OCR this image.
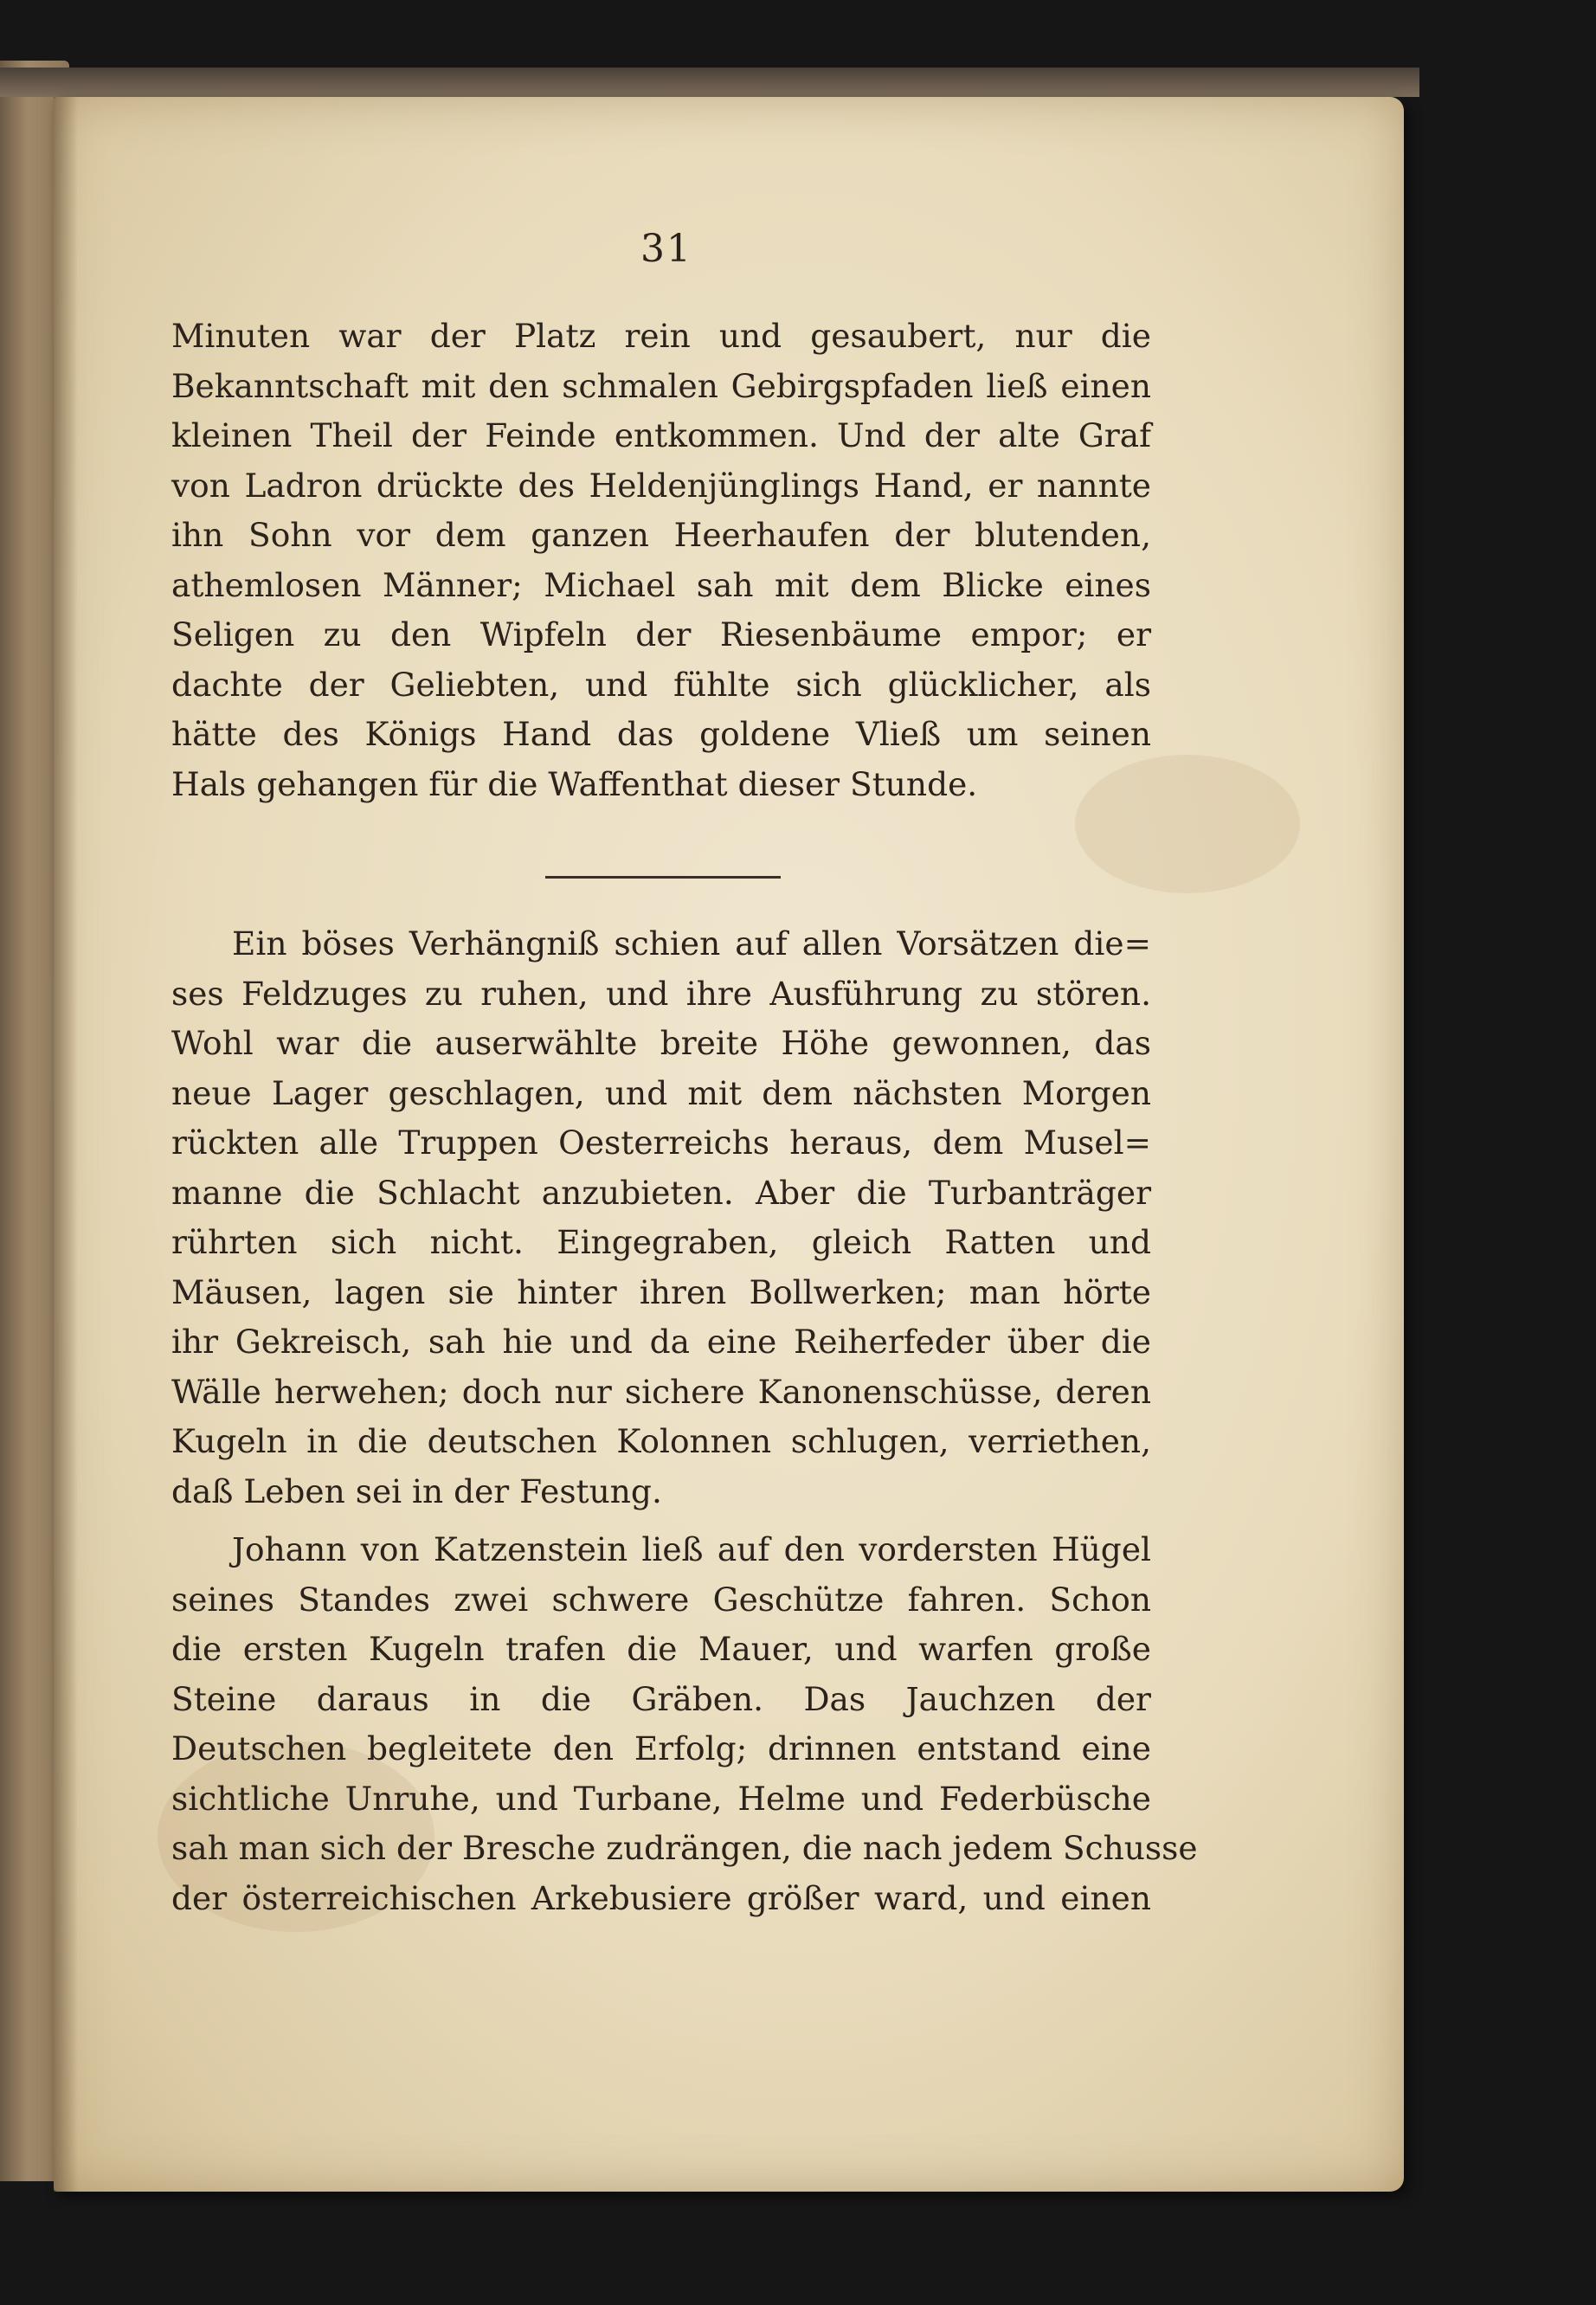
31
Minuten war der Platz rein und gesaubert, nur die
Bekanntschaft mit den schmalen Gebirgspfaden ließ einen
kleinen Theil der Feinde entkommen. Und der alte Graf
von Ladron drückte des Heldenjünglings Hand, er nannte
ihn Sohn vor dem ganzen Heerhaufen der blutenden,
athemlosen Männer; Michael sah mit dem Blicke eines
Seligen zu den Wipfeln der Riesenbäume empor; er
dachte der Geliebten, und fühlte sich glücklicher, als
hätte des Königs Hand das goldene Vließ um seinen
Hals gehangen für die Waffenthat dieser Stunde.
Ein böses Verhängniß schien auf allen Vorsätzen die=
ses Feldzuges zu ruhen, und ihre Ausführung zu stören.
Wohl war die auserwählte breite Höhe gewonnen, das
neue Lager geschlagen, und mit dem nächsten Morgen
rückten alle Truppen Oesterreichs heraus, dem Musel=
manne die Schlacht anzubieten. Aber die Turbanträger
rührten sich nicht. Eingegraben, gleich Ratten und
Mäusen, lagen sie hinter ihren Bollwerken; man hörte
ihr Gekreisch, sah hie und da eine Reiherfeder über die
Wälle herwehen; doch nur sichere Kanonenschüsse, deren
Kugeln in die deutschen Kolonnen schlugen, verriethen,
daß Leben sei in der Festung.
Johann von Katzenstein ließ auf den vordersten Hügel
seines Standes zwei schwere Geschütze fahren. Schon
die ersten Kugeln trafen die Mauer, und warfen große
Steine daraus in die Gräben. Das Jauchzen der
Deutschen begleitete den Erfolg; drinnen entstand eine
sichtliche Unruhe, und Turbane, Helme und Federbüsche
sah man sich der Bresche zudrängen, die nach jedem Schusse
der österreichischen Arkebusiere größer ward, und einen
